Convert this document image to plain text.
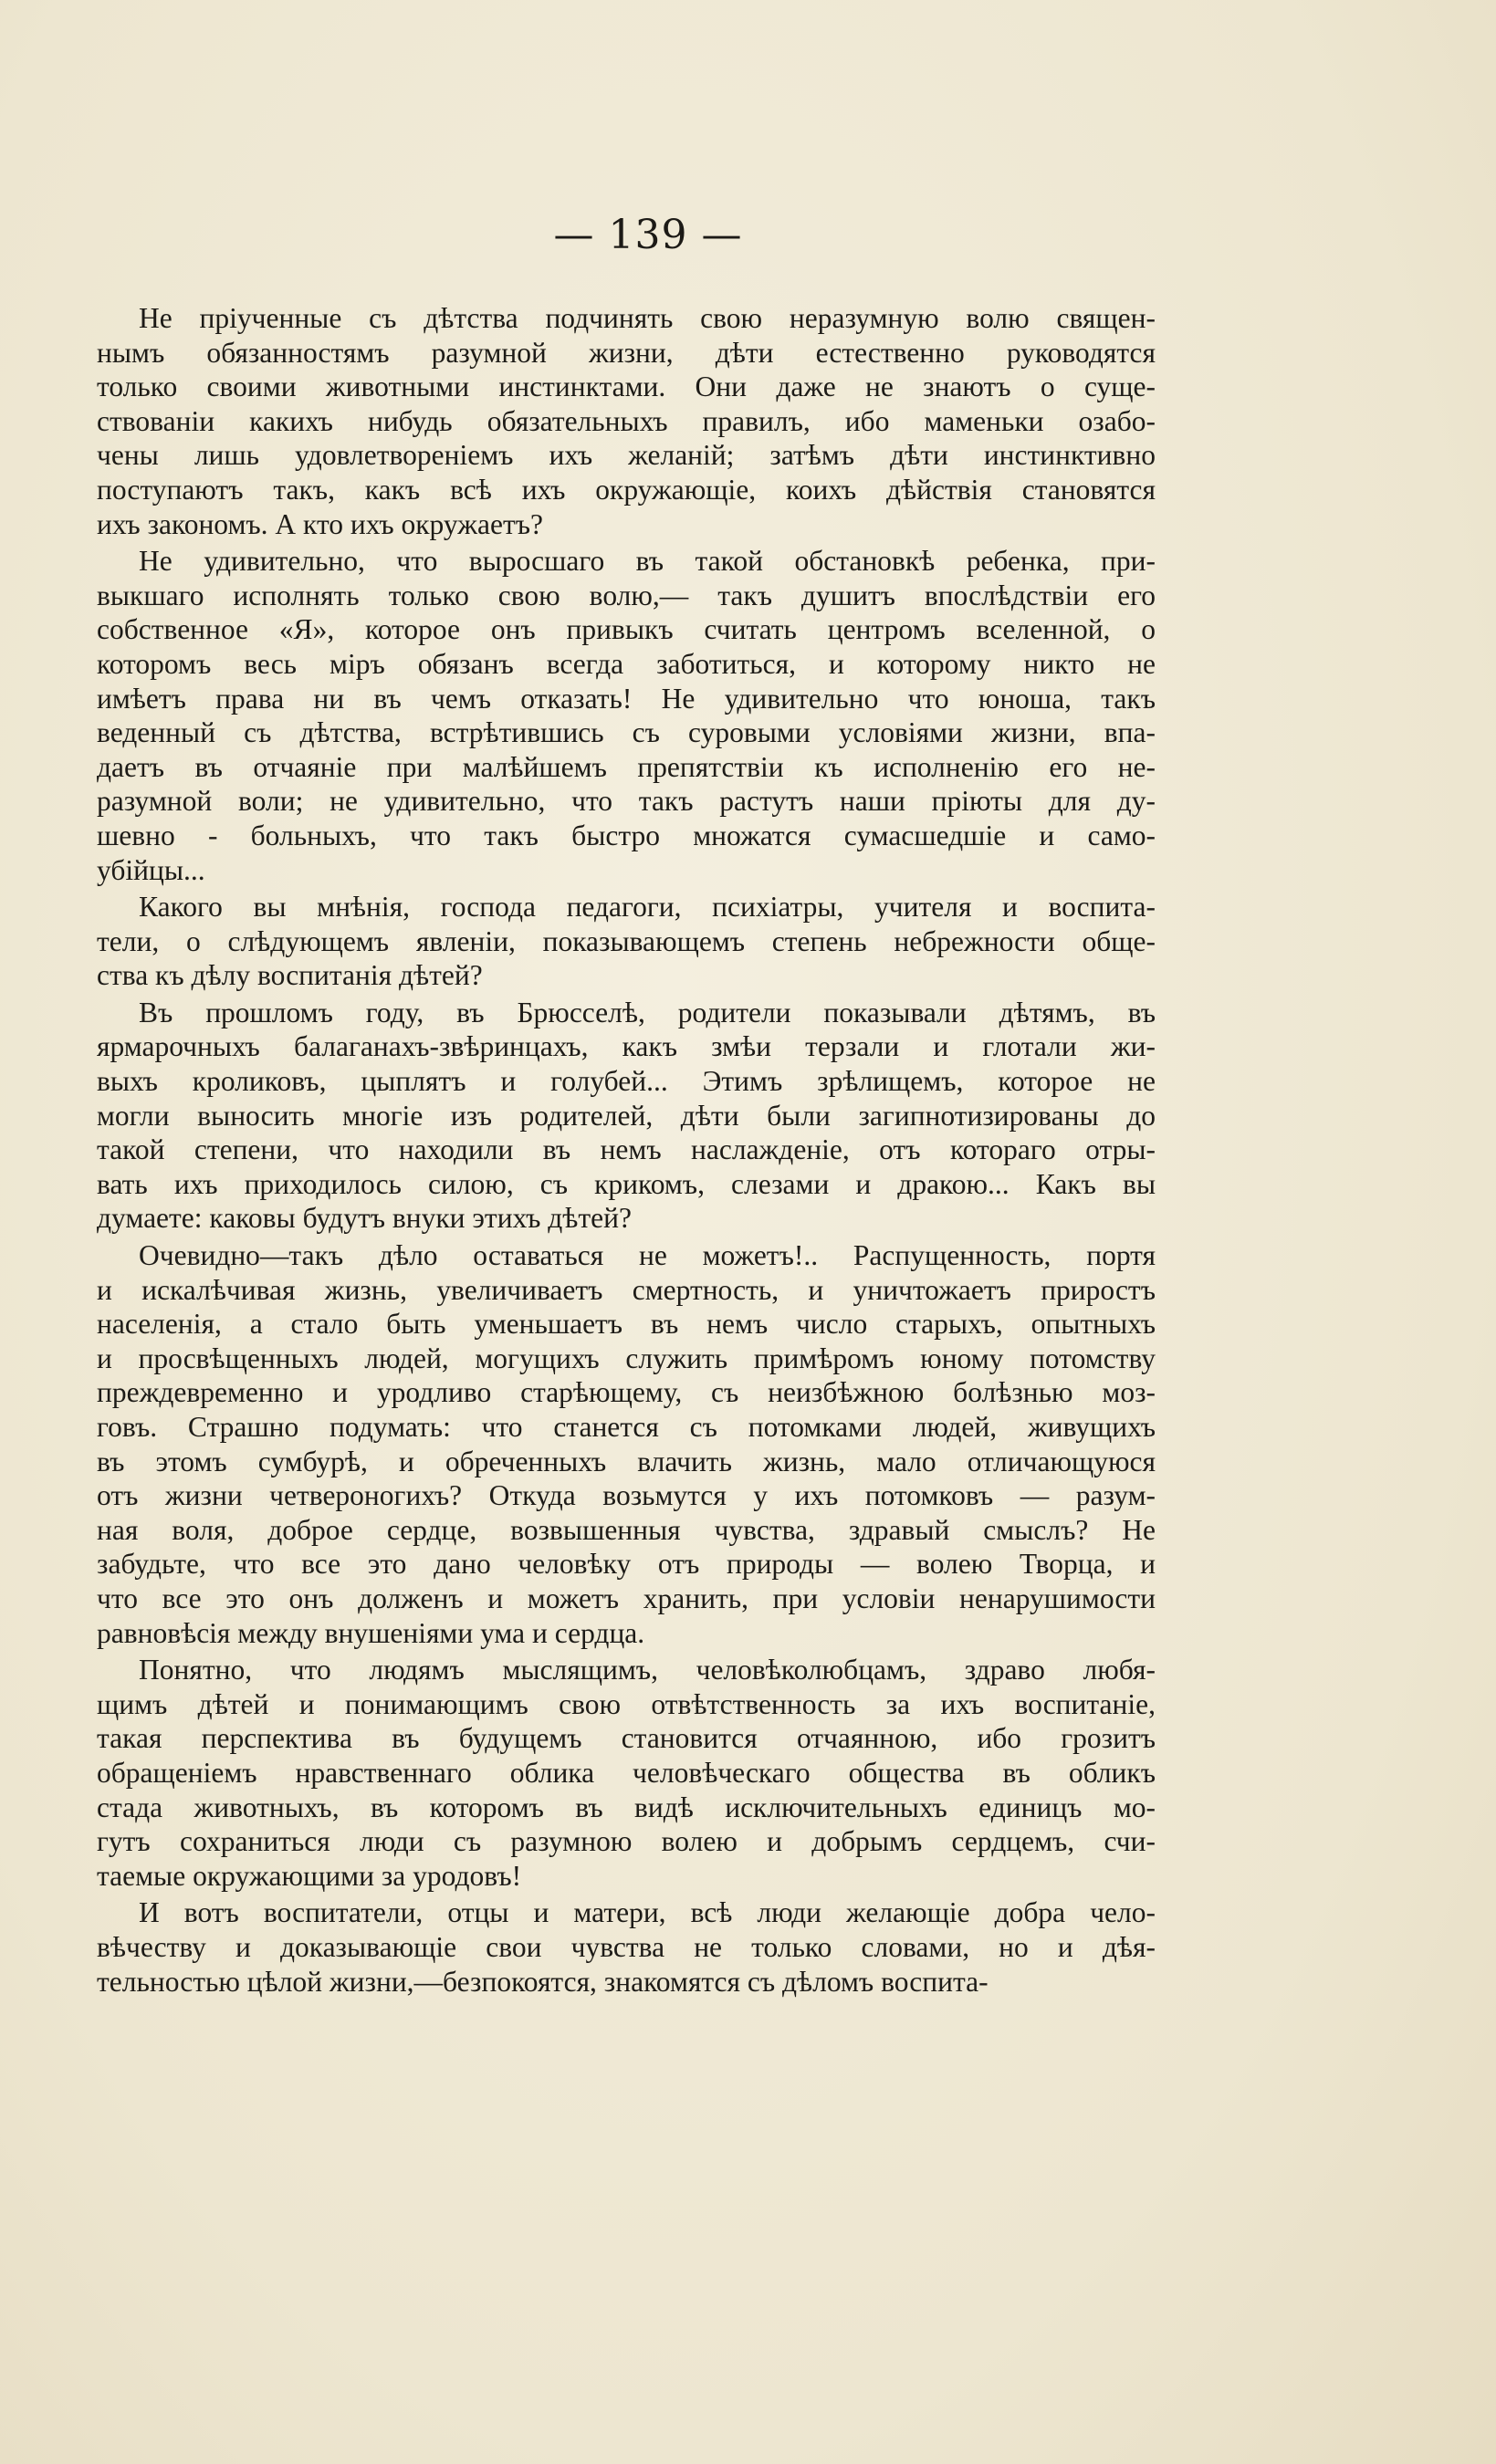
— 139 —
Не пріученные съ дѣтства подчинять свою неразумную волю священ-
нымъ обязанностямъ разумной жизни, дѣти естественно руководятся
только своими животными инстинктами. Они даже не знаютъ о суще-
ствованіи какихъ нибудь обязательныхъ правилъ, ибо маменьки озабо-
чены лишь удовлетвореніемъ ихъ желаній; затѣмъ дѣти инстинктивно
поступаютъ такъ, какъ всѣ ихъ окружающіе, коихъ дѣйствія становятся
ихъ закономъ. А кто ихъ окружаетъ?
Не удивительно, что выросшаго въ такой обстановкѣ ребенка, при-
выкшаго исполнять только свою волю,— такъ душитъ впослѣдствіи его
собственное «Я», которое онъ привыкъ считать центромъ вселенной, о
которомъ весь міръ обязанъ всегда заботиться, и которому никто не
имѣетъ права ни въ чемъ отказать! Не удивительно что юноша, такъ
веденный съ дѣтства, встрѣтившись съ суровыми условіями жизни, впа-
даетъ въ отчаяніе при малѣйшемъ препятствіи къ исполненію его не-
разумной воли; не удивительно, что такъ растутъ наши пріюты для ду-
шевно - больныхъ, что такъ быстро множатся сумасшедшіе и само-
убійцы...
Какого вы мнѣнія, господа педагоги, психіатры, учителя и воспита-
тели, о слѣдующемъ явленіи, показывающемъ степень небрежности обще-
ства къ дѣлу воспитанія дѣтей?
Въ прошломъ году, въ Брюсселѣ, родители показывали дѣтямъ, въ
ярмарочныхъ балаганахъ-звѣринцахъ, какъ змѣи терзали и глотали жи-
выхъ кроликовъ, цыплятъ и голубей... Этимъ зрѣлищемъ, которое не
могли выносить многіе изъ родителей, дѣти были загипнотизированы до
такой степени, что находили въ немъ наслажденіе, отъ котораго отры-
вать ихъ приходилось силою, съ крикомъ, слезами и дракою... Какъ вы
думаете: каковы будутъ внуки этихъ дѣтей?
Очевидно—такъ дѣло оставаться не можетъ!.. Распущенность, портя
и искалѣчивая жизнь, увеличиваетъ смертность, и уничтожаетъ приростъ
населенія, а стало быть уменьшаетъ въ немъ число старыхъ, опытныхъ
и просвѣщенныхъ людей, могущихъ служить примѣромъ юному потомству
преждевременно и уродливо старѣющему, съ неизбѣжною болѣзнью моз-
говъ. Страшно подумать: что станется съ потомками людей, живущихъ
въ этомъ сумбурѣ, и обреченныхъ влачить жизнь, мало отличающуюся
отъ жизни четвероногихъ? Откуда возьмутся у ихъ потомковъ — разум-
ная воля, доброе сердце, возвышенныя чувства, здравый смыслъ? Не
забудьте, что все это дано человѣку отъ природы — волею Творца, и
что все это онъ долженъ и можетъ хранить, при условіи ненарушимости
равновѣсія между внушеніями ума и сердца.
Понятно, что людямъ мыслящимъ, человѣколюбцамъ, здраво любя-
щимъ дѣтей и понимающимъ свою отвѣтственность за ихъ воспитаніе,
такая перспектива въ будущемъ становится отчаянною, ибо грозитъ
обращеніемъ нравственнаго облика человѣческаго общества въ обликъ
стада животныхъ, въ которомъ въ видѣ исключительныхъ единицъ мо-
гутъ сохраниться люди съ разумною волею и добрымъ сердцемъ, счи-
таемые окружающими за уродовъ!
И вотъ воспитатели, отцы и матери, всѣ люди желающіе добра чело-
вѣчеству и доказывающіе свои чувства не только словами, но и дѣя-
тельностью цѣлой жизни,—безпокоятся, знакомятся съ дѣломъ воспита-
